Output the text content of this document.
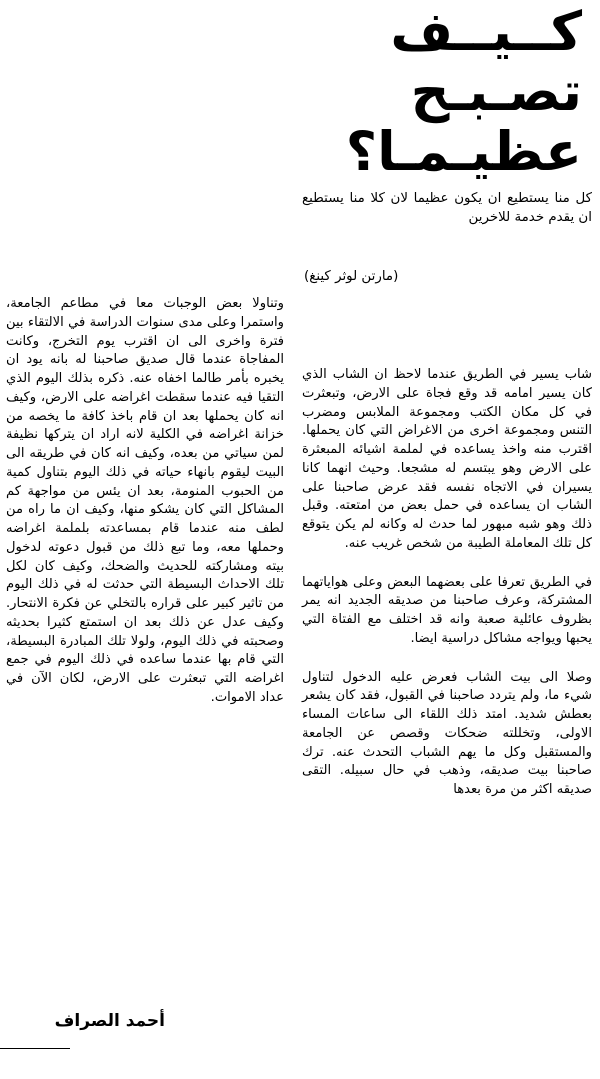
كــيــف
تصـبـح
عظيـمـا؟

كل منا يستطيع ان يكون عظيما لان كلا منا يستطيع ان يقدم خدمة للاخرين

(مارتن لوثر كينغ)

شاب يسير في الطريق عندما لاحظ ان الشاب الذي كان يسير امامه قد وقع فجاة على الارض، وتبعثرت في كل مكان الكتب ومجموعة الملابس ومضرب التنس ومجموعة اخرى من الاغراض التي كان يحملها. اقترب منه واخذ يساعده في لملمة اشيائه المبعثرة على الارض وهو يبتسم له مشجعا. وحيث انهما كانا يسيران في الاتجاه نفسه فقد عرض صاحبنا على الشاب ان يساعده في حمل بعض من امتعته. وقبل ذلك وهو شبه مبهور لما حدث له وكانه لم يكن يتوقع كل تلك المعاملة الطيبة من شخص غريب عنه.

في الطريق تعرفا على بعضهما البعض وعلى هواياتهما المشتركة، وعرف صاحبنا من صديقه الجديد انه يمر بظروف عائلية صعبة وانه قد اختلف مع الفتاة التي يحبها ويواجه مشاكل دراسية ايضا.

وصلا الى بيت الشاب فعرض عليه الدخول لتناول شيء ما، ولم يتردد صاحبنا في القبول، فقد كان يشعر بعطش شديد. امتد ذلك اللقاء الى ساعات المساء الاولى، وتخللته ضحكات وقصص عن الجامعة والمستقبل وكل ما يهم الشباب التحدث عنه. ترك صاحبنا بيت صديقه، وذهب في حال سبيله. التقى صديقه اكثر من مرة بعدها

وتناولا بعض الوجبات معا في مطاعم الجامعة، واستمرا وعلى مدى سنوات الدراسة في الالتقاء بين فترة واخرى الى ان اقترب يوم التخرج، وكانت المفاجاة عندما قال صديق صاحبنا له بانه يود ان يخبره بأمر طالما اخفاه عنه. ذكره بذلك اليوم الذي التقيا فيه عندما سقطت اغراضه على الارض، وكيف انه كان يحملها بعد ان قام باخذ كافة ما يخصه من خزانة اغراضه في الكلية لانه اراد ان يتركها نظيفة لمن سياتي من بعده، وكيف انه كان في طريقه الى البيت ليقوم بانهاء حياته في ذلك اليوم بتناول كمية من الحبوب المنومة، بعد ان يئس من مواجهة كم المشاكل التي كان يشكو منها، وكيف ان ما راه من لطف منه عندما قام بمساعدته بلملمة اغراضه وحملها معه، وما تبع ذلك من قبول دعوته لدخول بيته ومشاركته للحديث والضحك، وكيف كان لكل تلك الاحداث البسيطة التي حدثت له في ذلك اليوم من تاثير كبير على قراره بالتخلي عن فكرة الانتحار. وكيف عدل عن ذلك بعد ان استمتع كثيرا بحديثه وصحبته في ذلك اليوم، ولولا تلك المبادرة البسيطة، التي قام بها عندما ساعده في ذلك اليوم في جمع اغراضه التي تبعثرت على الارض، لكان الآن في عداد الاموات.

أحمد الصراف
